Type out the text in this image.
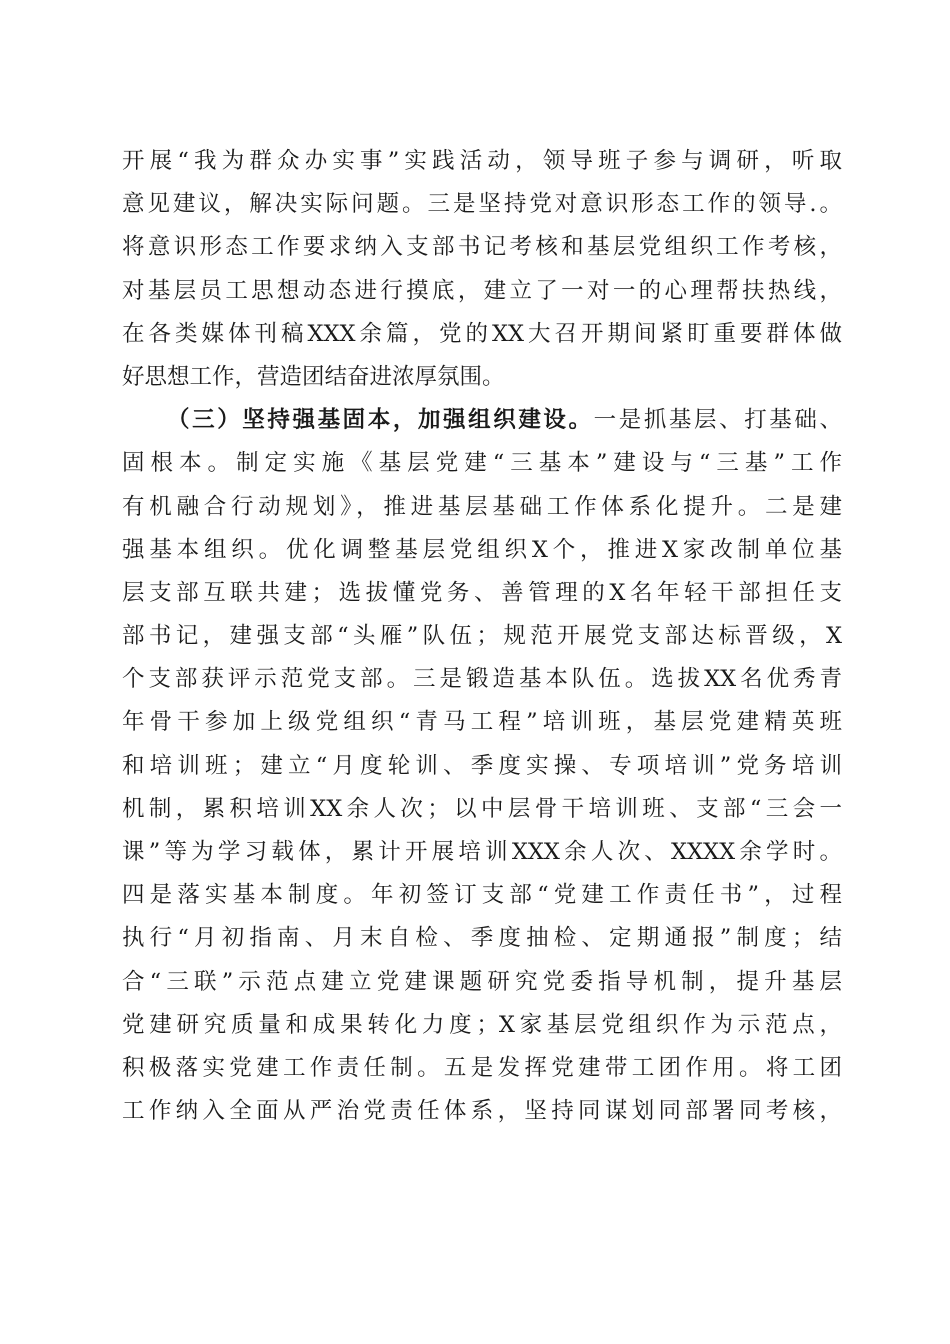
开展“我为群众办实事”实践活动，领导班子参与调研，听取
意见建议，解决实际问题。三是坚持党对意识形态工作的领导.。
将意识形态工作要求纳入支部书记考核和基层党组织工作考核，
对基层员工思想动态进行摸底，建立了一对一的心理帮扶热线，
在各类媒体刊稿XXX余篇，党的XX大召开期间紧盯重要群体做
好思想工作，营造团结奋进浓厚氛围。
（三）坚持强基固本，加强组织建设。一是抓基层、打基础、
固根本。制定实施《基层党建“三基本”建设与“三基”工作
有机融合行动规划》，推进基层基础工作体系化提升。二是建
强基本组织。优化调整基层党组织X个，推进X家改制单位基
层支部互联共建；选拔懂党务、善管理的X名年轻干部担任支
部书记，建强支部“头雁”队伍；规范开展党支部达标晋级，X
个支部获评示范党支部。三是锻造基本队伍。选拔XX名优秀青
年骨干参加上级党组织“青马工程”培训班，基层党建精英班
和培训班；建立“月度轮训、季度实操、专项培训”党务培训
机制，累积培训XX余人次；以中层骨干培训班、支部“三会一
课”等为学习载体，累计开展培训XXX余人次、XXXX余学时。
四是落实基本制度。年初签订支部“党建工作责任书”，过程
执行“月初指南、月末自检、季度抽检、定期通报”制度；结
合“三联”示范点建立党建课题研究党委指导机制，提升基层
党建研究质量和成果转化力度；X家基层党组织作为示范点，
积极落实党建工作责任制。五是发挥党建带工团作用。将工团
工作纳入全面从严治党责任体系，坚持同谋划同部署同考核，
